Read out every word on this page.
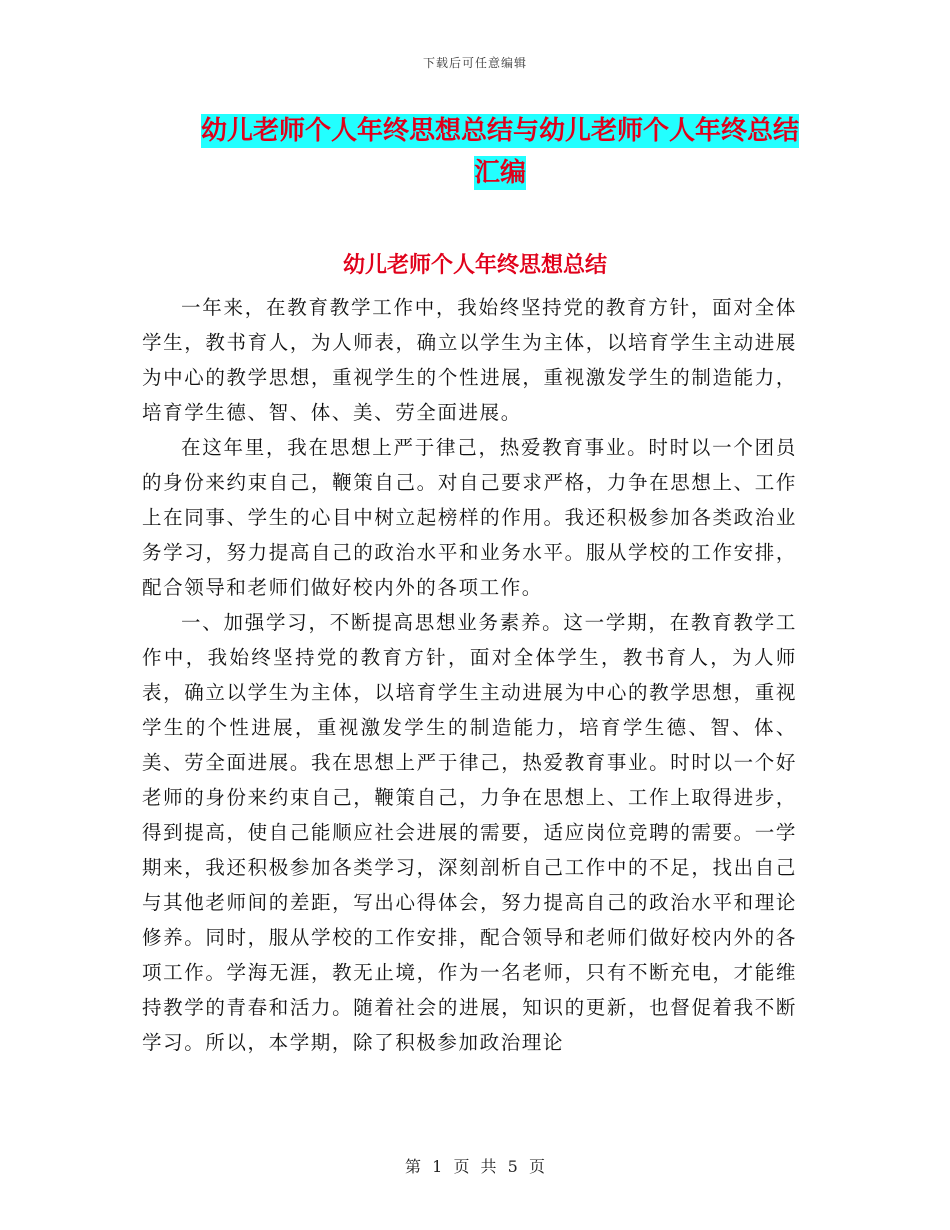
下载后可任意编辑
幼儿老师个人年终思想总结与幼儿老师个人年终总结
汇编
幼儿老师个人年终思想总结

一年来，在教育教学工作中，我始终坚持党的教育方针，面对全体学生，教书育人，为人师表，确立以学生为主体，以培育学生主动进展为中心的教学思想，重视学生的个性进展，重视激发学生的制造能力，培育学生德、智、体、美、劳全面进展。

在这年里，我在思想上严于律己，热爱教育事业。时时以一个团员的身份来约束自己，鞭策自己。对自己要求严格，力争在思想上、工作上在同事、学生的心目中树立起榜样的作用。我还积极参加各类政治业务学习，努力提高自己的政治水平和业务水平。服从学校的工作安排，配合领导和老师们做好校内外的各项工作。

一、加强学习，不断提高思想业务素养。这一学期，在教育教学工作中，我始终坚持党的教育方针，面对全体学生，教书育人，为人师表，确立以学生为主体，以培育学生主动进展为中心的教学思想，重视学生的个性进展，重视激发学生的制造能力，培育学生德、智、体、美、劳全面进展。我在思想上严于律己，热爱教育事业。时时以一个好老师的身份来约束自己，鞭策自己，力争在思想上、工作上取得进步，得到提高，使自己能顺应社会进展的需要，适应岗位竞聘的需要。一学期来，我还积极参加各类学习，深刻剖析自己工作中的不足，找出自己与其他老师间的差距，写出心得体会，努力提高自己的政治水平和理论修养。同时，服从学校的工作安排，配合领导和老师们做好校内外的各项工作。学海无涯，教无止境，作为一名老师，只有不断充电，才能维持教学的青春和活力。随着社会的进展，知识的更新，也督促着我不断学习。所以，本学期，除了积极参加政治理论

第 1 页 共 5 页
